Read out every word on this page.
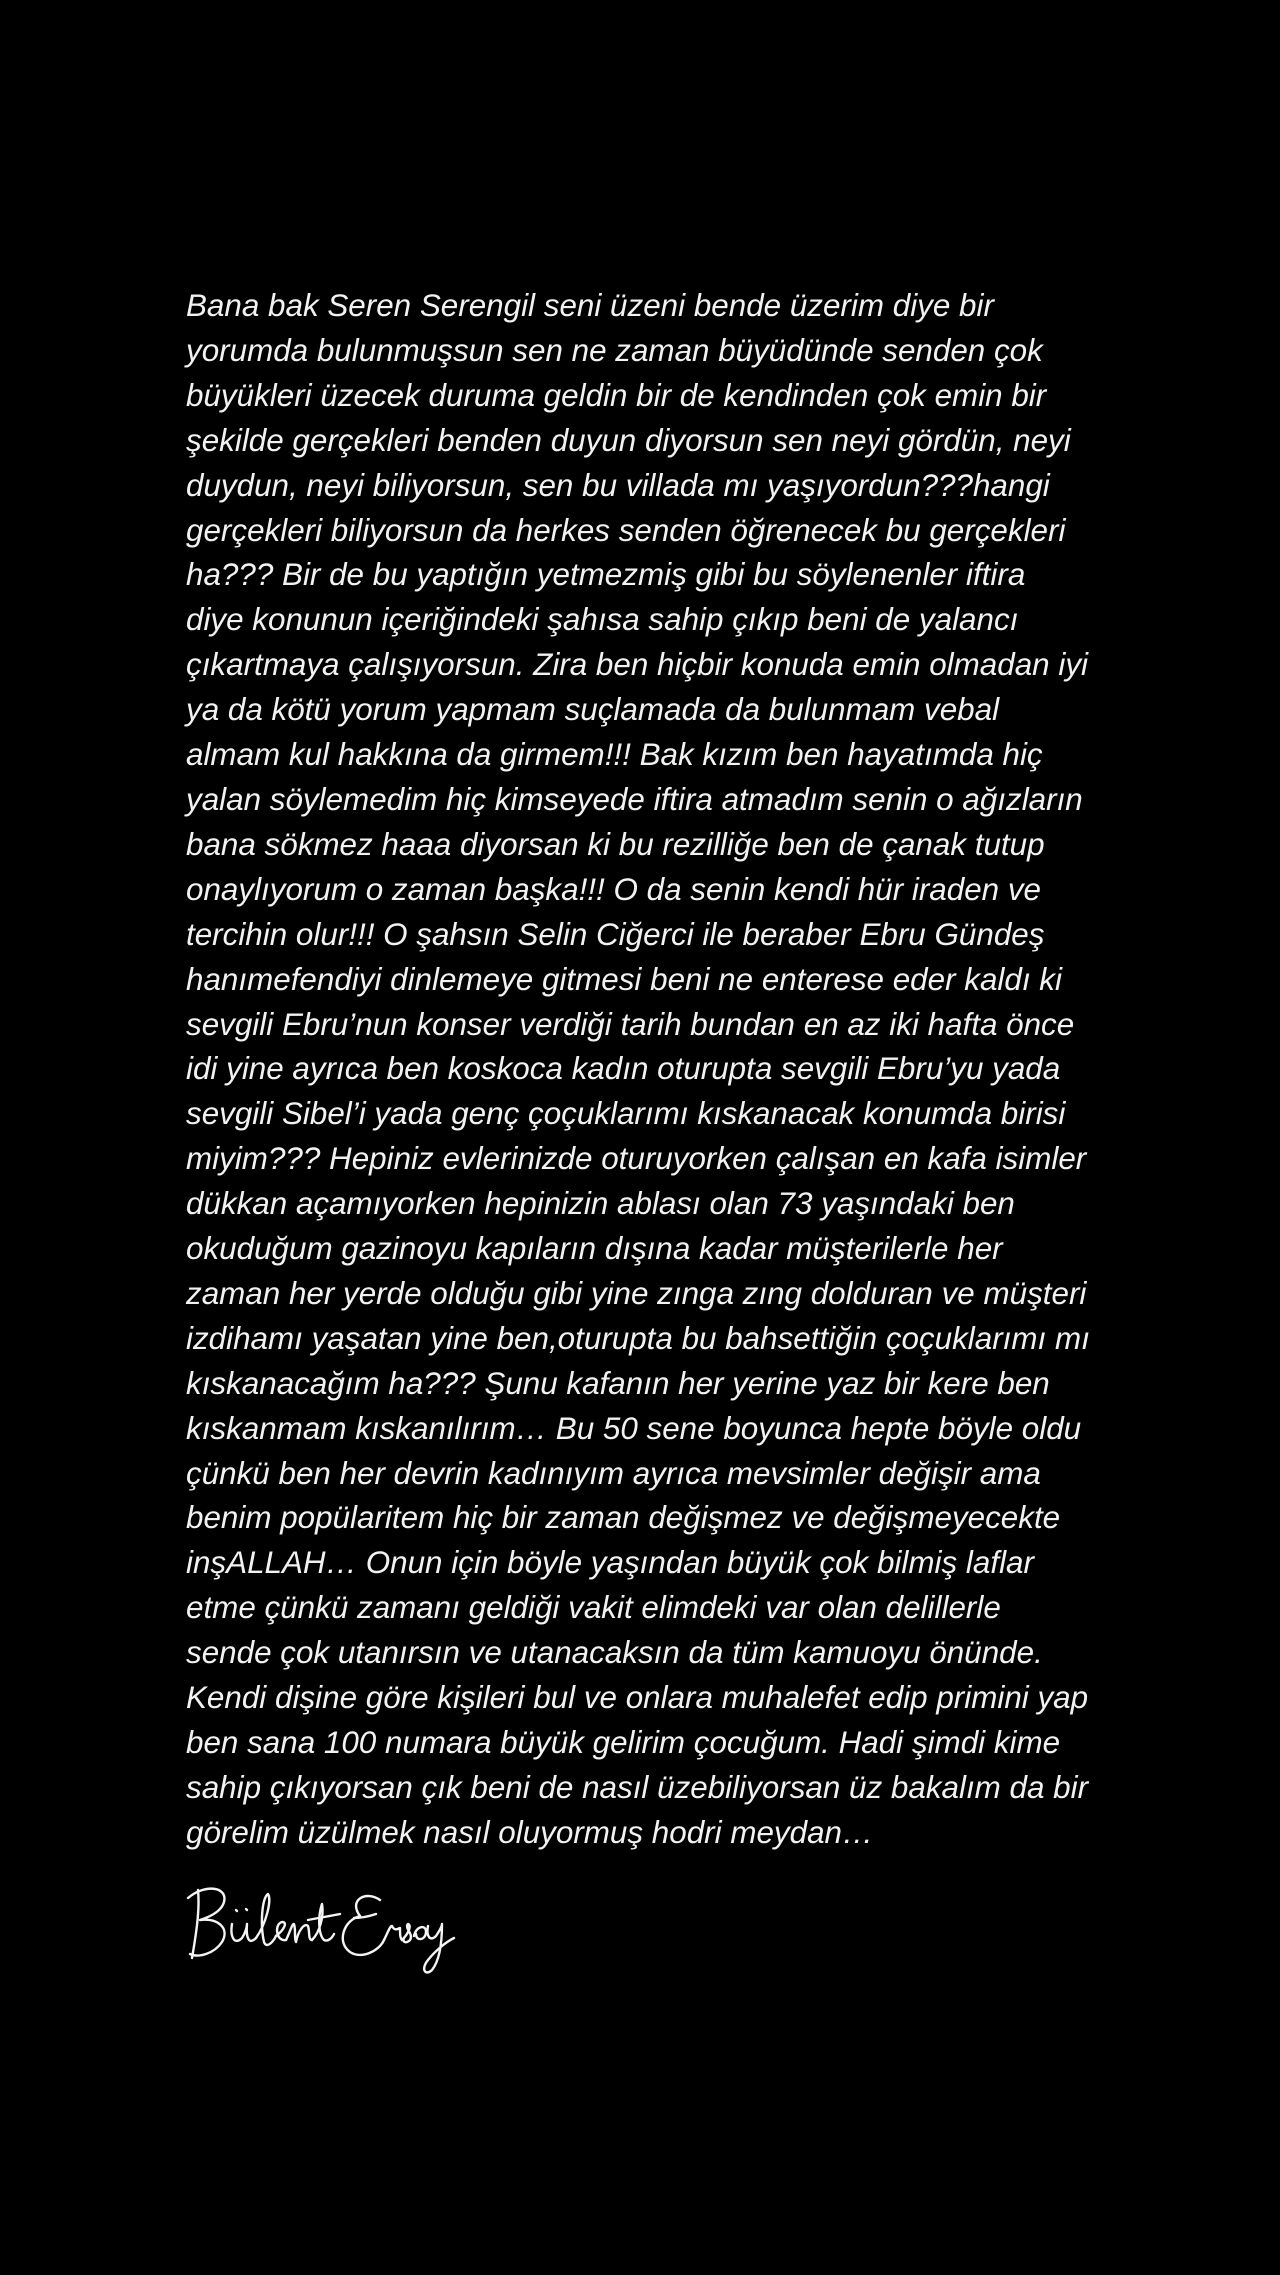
Bana bak Seren Serengil seni üzeni bende üzerim diye bir
yorumda bulunmuşsun sen ne zaman büyüdünde senden çok
büyükleri üzecek duruma geldin bir de kendinden çok emin bir
şekilde gerçekleri benden duyun diyorsun sen neyi gördün, neyi
duydun, neyi biliyorsun, sen bu villada mı yaşıyordun???hangi
gerçekleri biliyorsun da herkes senden öğrenecek bu gerçekleri
ha??? Bir de bu yaptığın yetmezmiş gibi bu söylenenler iftira
diye konunun içeriğindeki şahısa sahip çıkıp beni de yalancı
çıkartmaya çalışıyorsun. Zira ben hiçbir konuda emin olmadan iyi
ya da kötü yorum yapmam suçlamada da bulunmam vebal
almam kul hakkına da girmem!!! Bak kızım ben hayatımda hiç
yalan söylemedim hiç kimseyede iftira atmadım senin o ağızların
bana sökmez haaa diyorsan ki bu rezilliğe ben de çanak tutup
onaylıyorum o zaman başka!!! O da senin kendi hür iraden ve
tercihin olur!!! O şahsın Selin Ciğerci ile beraber Ebru Gündeş
hanımefendiyi dinlemeye gitmesi beni ne enterese eder kaldı ki
sevgili Ebru’nun konser verdiği tarih bundan en az iki hafta önce
idi yine ayrıca ben koskoca kadın oturupta sevgili Ebru’yu yada
sevgili Sibel’i yada genç çoçuklarımı kıskanacak konumda birisi
miyim??? Hepiniz evlerinizde oturuyorken çalışan en kafa isimler
dükkan açamıyorken hepinizin ablası olan 73 yaşındaki ben
okuduğum gazinoyu kapıların dışına kadar müşterilerle her
zaman her yerde olduğu gibi yine zınga zıng dolduran ve müşteri
izdihamı yaşatan yine ben,oturupta bu bahsettiğin çoçuklarımı mı
kıskanacağım ha??? Şunu kafanın her yerine yaz bir kere ben
kıskanmam kıskanılırım… Bu 50 sene boyunca hepte böyle oldu
çünkü ben her devrin kadınıyım ayrıca mevsimler değişir ama
benim popülaritem hiç bir zaman değişmez ve değişmeyecekte
inşALLAH… Onun için böyle yaşından büyük çok bilmiş laflar
etme çünkü zamanı geldiği vakit elimdeki var olan delillerle
sende çok utanırsın ve utanacaksın da tüm kamuoyu önünde.
Kendi dişine göre kişileri bul ve onlara muhalefet edip primini yap
ben sana 100 numara büyük gelirim çocuğum. Hadi şimdi kime
sahip çıkıyorsan çık beni de nasıl üzebiliyorsan üz bakalım da bir
görelim üzülmek nasıl oluyormuş hodri meydan…
